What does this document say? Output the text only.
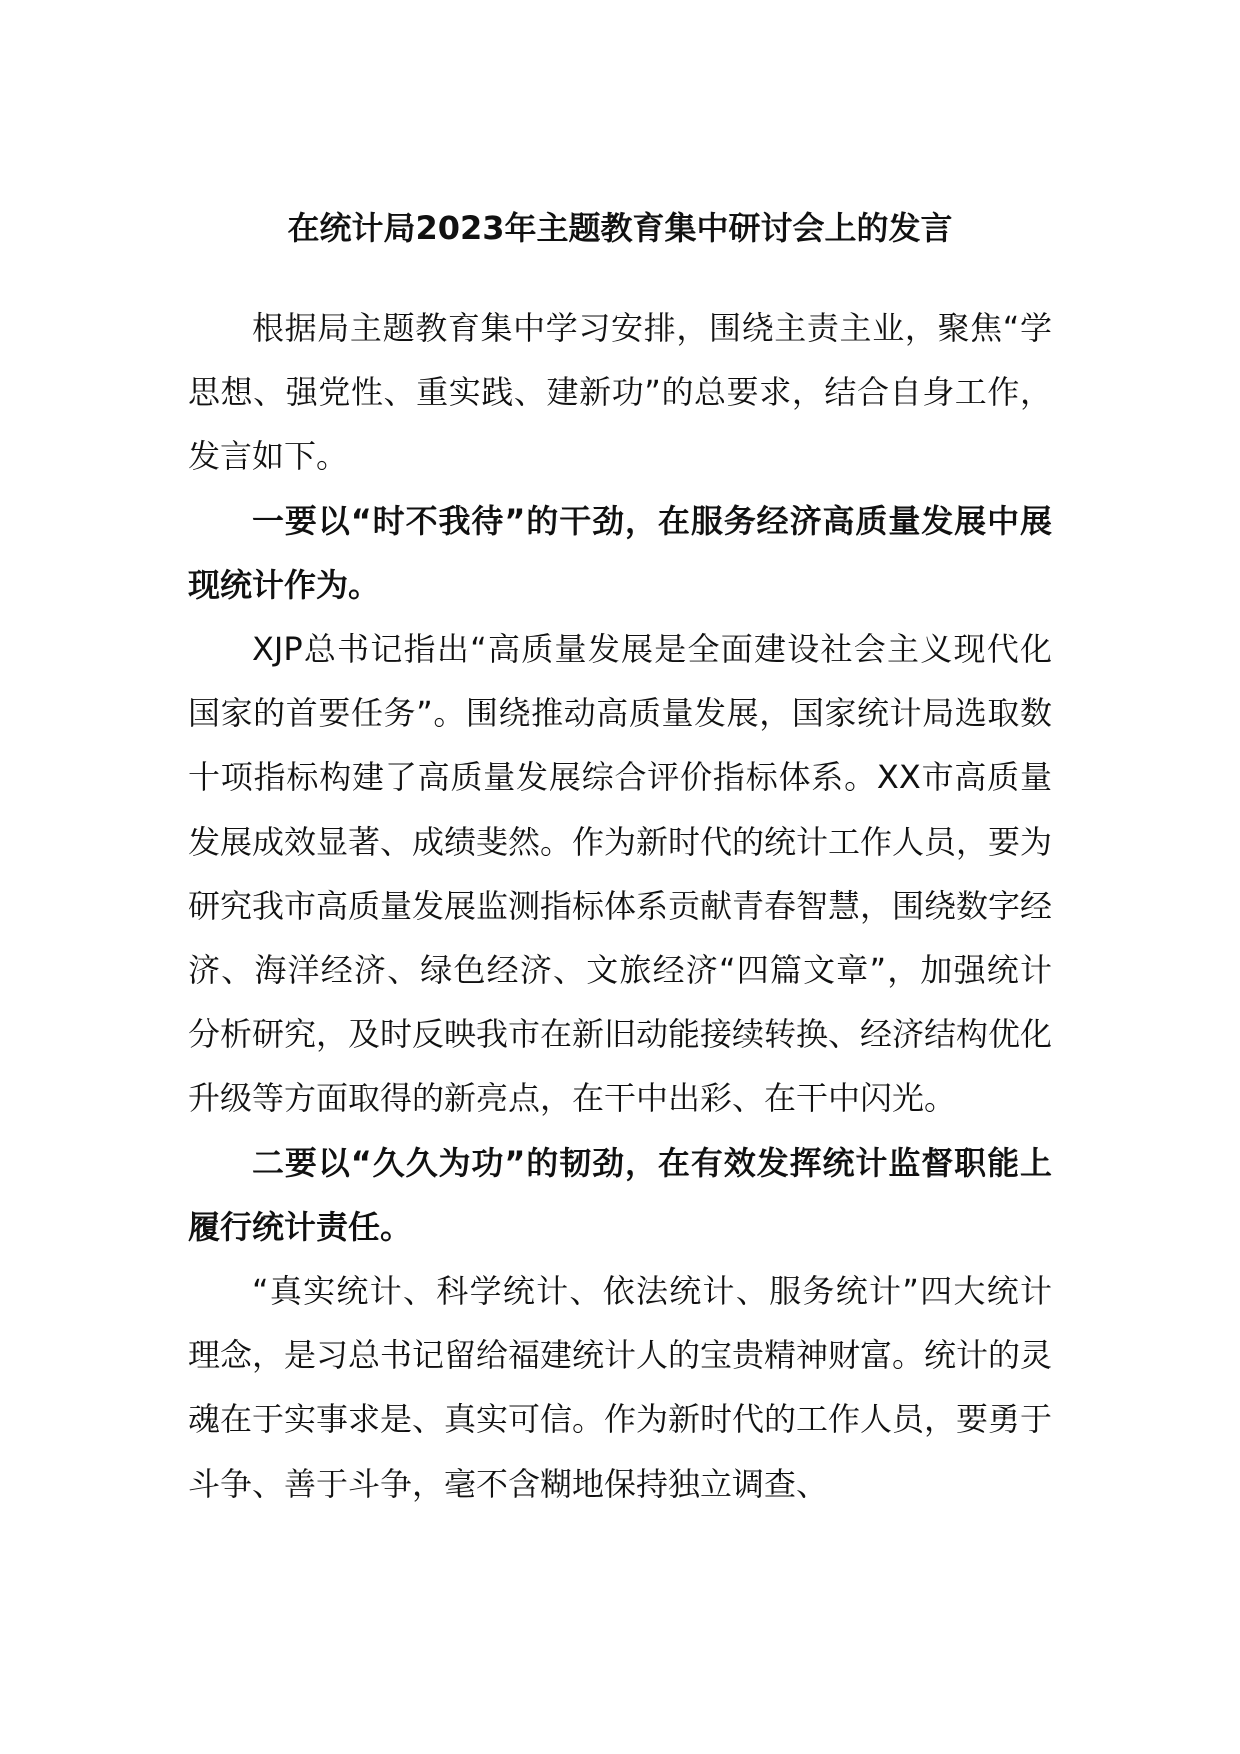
在统计局2023年主题教育集中研讨会上的发言

根据局主题教育集中学习安排，围绕主责主业，聚焦“学思想、强党性、重实践、建新功”的总要求，结合自身工作，发言如下。

一要以“时不我待”的干劲，在服务经济高质量发展中展现统计作为。

XJP总书记指出“高质量发展是全面建设社会主义现代化国家的首要任务”。围绕推动高质量发展，国家统计局选取数十项指标构建了高质量发展综合评价指标体系。XX市高质量发展成效显著、成绩斐然。作为新时代的统计工作人员，要为研究我市高质量发展监测指标体系贡献青春智慧，围绕数字经济、海洋经济、绿色经济、文旅经济“四篇文章”，加强统计分析研究，及时反映我市在新旧动能接续转换、经济结构优化升级等方面取得的新亮点，在干中出彩、在干中闪光。

二要以“久久为功”的韧劲，在有效发挥统计监督职能上履行统计责任。

“真实统计、科学统计、依法统计、服务统计”四大统计理念，是习总书记留给福建统计人的宝贵精神财富。统计的灵魂在于实事求是、真实可信。作为新时代的工作人员，要勇于斗争、善于斗争，毫不含糊地保持独立调查、
